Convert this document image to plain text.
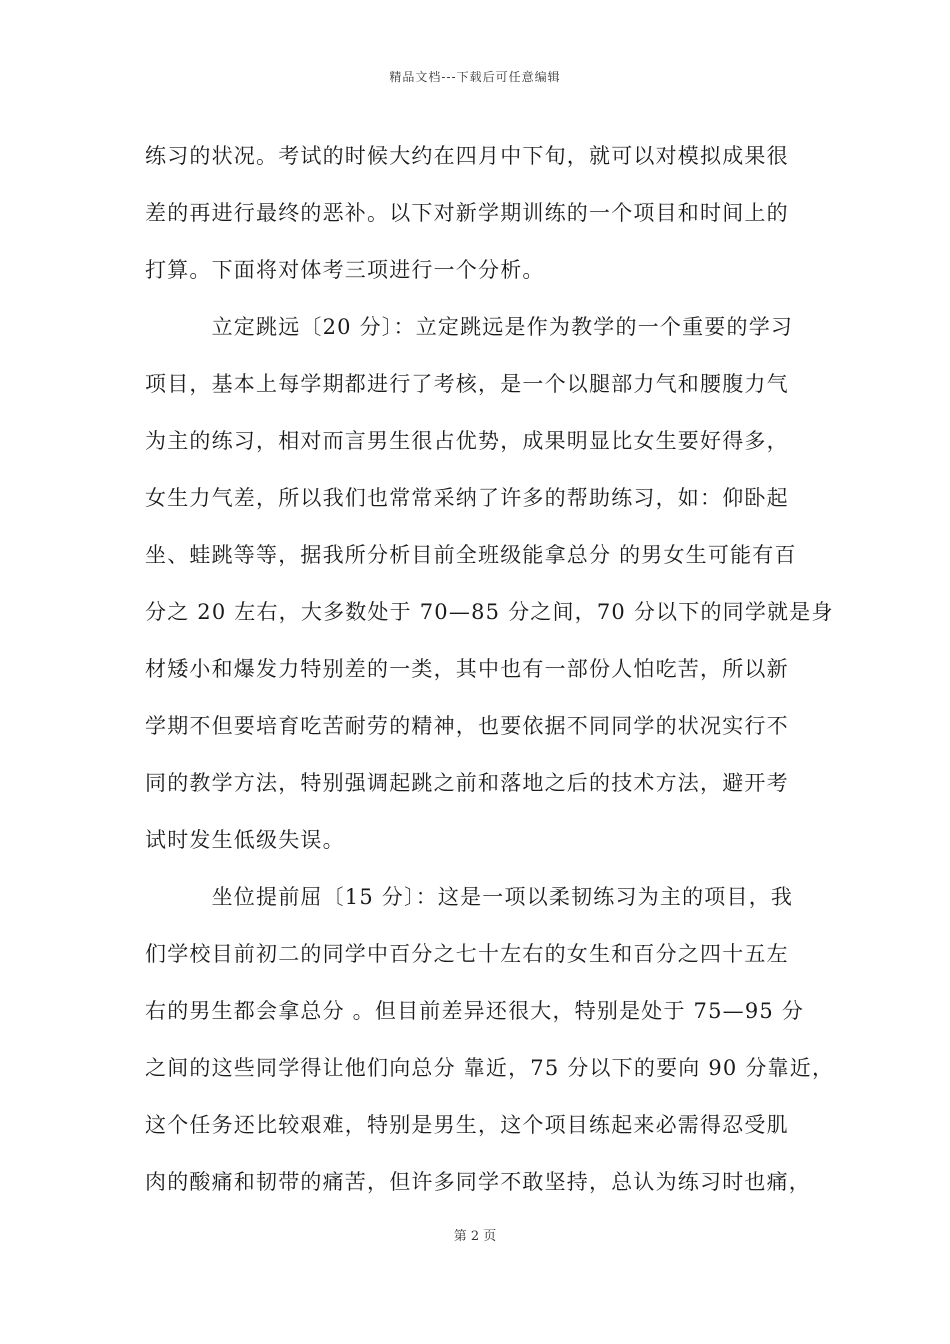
精品文档---下载后可任意编辑
练习的状况。考试的时候大约在四月中下旬，就可以对模拟成果很
差的再进行最终的恶补。以下对新学期训练的一个项目和时间上的
打算。下面将对体考三项进行一个分析。
　　　立定跳远〔20 分〕：立定跳远是作为教学的一个重要的学习
项目，基本上每学期都进行了考核，是一个以腿部力气和腰腹力气
为主的练习，相对而言男生很占优势，成果明显比女生要好得多，
女生力气差，所以我们也常常采纳了许多的帮助练习，如：仰卧起
坐、蛙跳等等，据我所分析目前全班级能拿总分 的男女生可能有百
分之 20 左右，大多数处于 70—85 分之间，70 分以下的同学就是身
材矮小和爆发力特别差的一类，其中也有一部份人怕吃苦，所以新
学期不但要培育吃苦耐劳的精神，也要依据不同同学的状况实行不
同的教学方法，特别强调起跳之前和落地之后的技术方法，避开考
试时发生低级失误。
　　　坐位提前屈〔15 分〕：这是一项以柔韧练习为主的项目，我
们学校目前初二的同学中百分之七十左右的女生和百分之四十五左
右的男生都会拿总分 。但目前差异还很大，特别是处于 75—95 分
之间的这些同学得让他们向总分 靠近，75 分以下的要向 90 分靠近，
这个任务还比较艰难，特别是男生，这个项目练起来必需得忍受肌
肉的酸痛和韧带的痛苦，但许多同学不敢坚持，总认为练习时也痛，
第 2 页
